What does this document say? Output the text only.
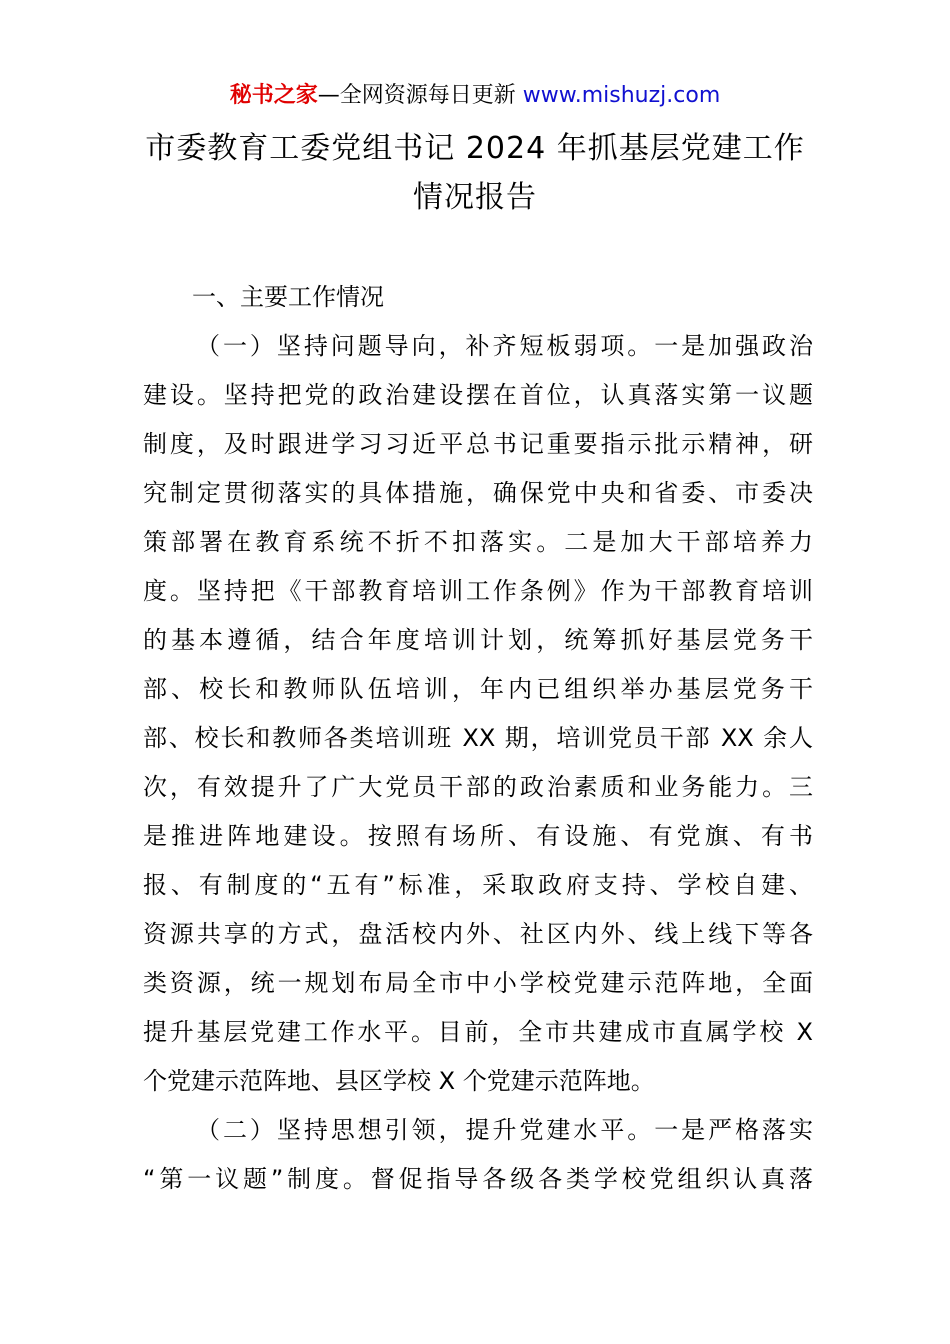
秘书之家—全网资源每日更新 www.mishuzj.com
市委教育工委党组书记 2024 年抓基层党建工作
情况报告
一、主要工作情况
（一）坚持问题导向，补齐短板弱项。一是加强政治
建设。坚持把党的政治建设摆在首位，认真落实第一议题
制度，及时跟进学习习近平总书记重要指示批示精神，研
究制定贯彻落实的具体措施，确保党中央和省委、市委决
策部署在教育系统不折不扣落实。二是加大干部培养力
度。坚持把《干部教育培训工作条例》作为干部教育培训
的基本遵循，结合年度培训计划，统筹抓好基层党务干
部、校长和教师队伍培训，年内已组织举办基层党务干
部、校长和教师各类培训班 XX 期，培训党员干部 XX 余人
次，有效提升了广大党员干部的政治素质和业务能力。三
是推进阵地建设。按照有场所、有设施、有党旗、有书
报、有制度的“五有”标准，采取政府支持、学校自建、
资源共享的方式，盘活校内外、社区内外、线上线下等各
类资源，统一规划布局全市中小学校党建示范阵地，全面
提升基层党建工作水平。目前，全市共建成市直属学校 X
个党建示范阵地、县区学校 X 个党建示范阵地。
（二）坚持思想引领，提升党建水平。一是严格落实
“第一议题”制度。督促指导各级各类学校党组织认真落
